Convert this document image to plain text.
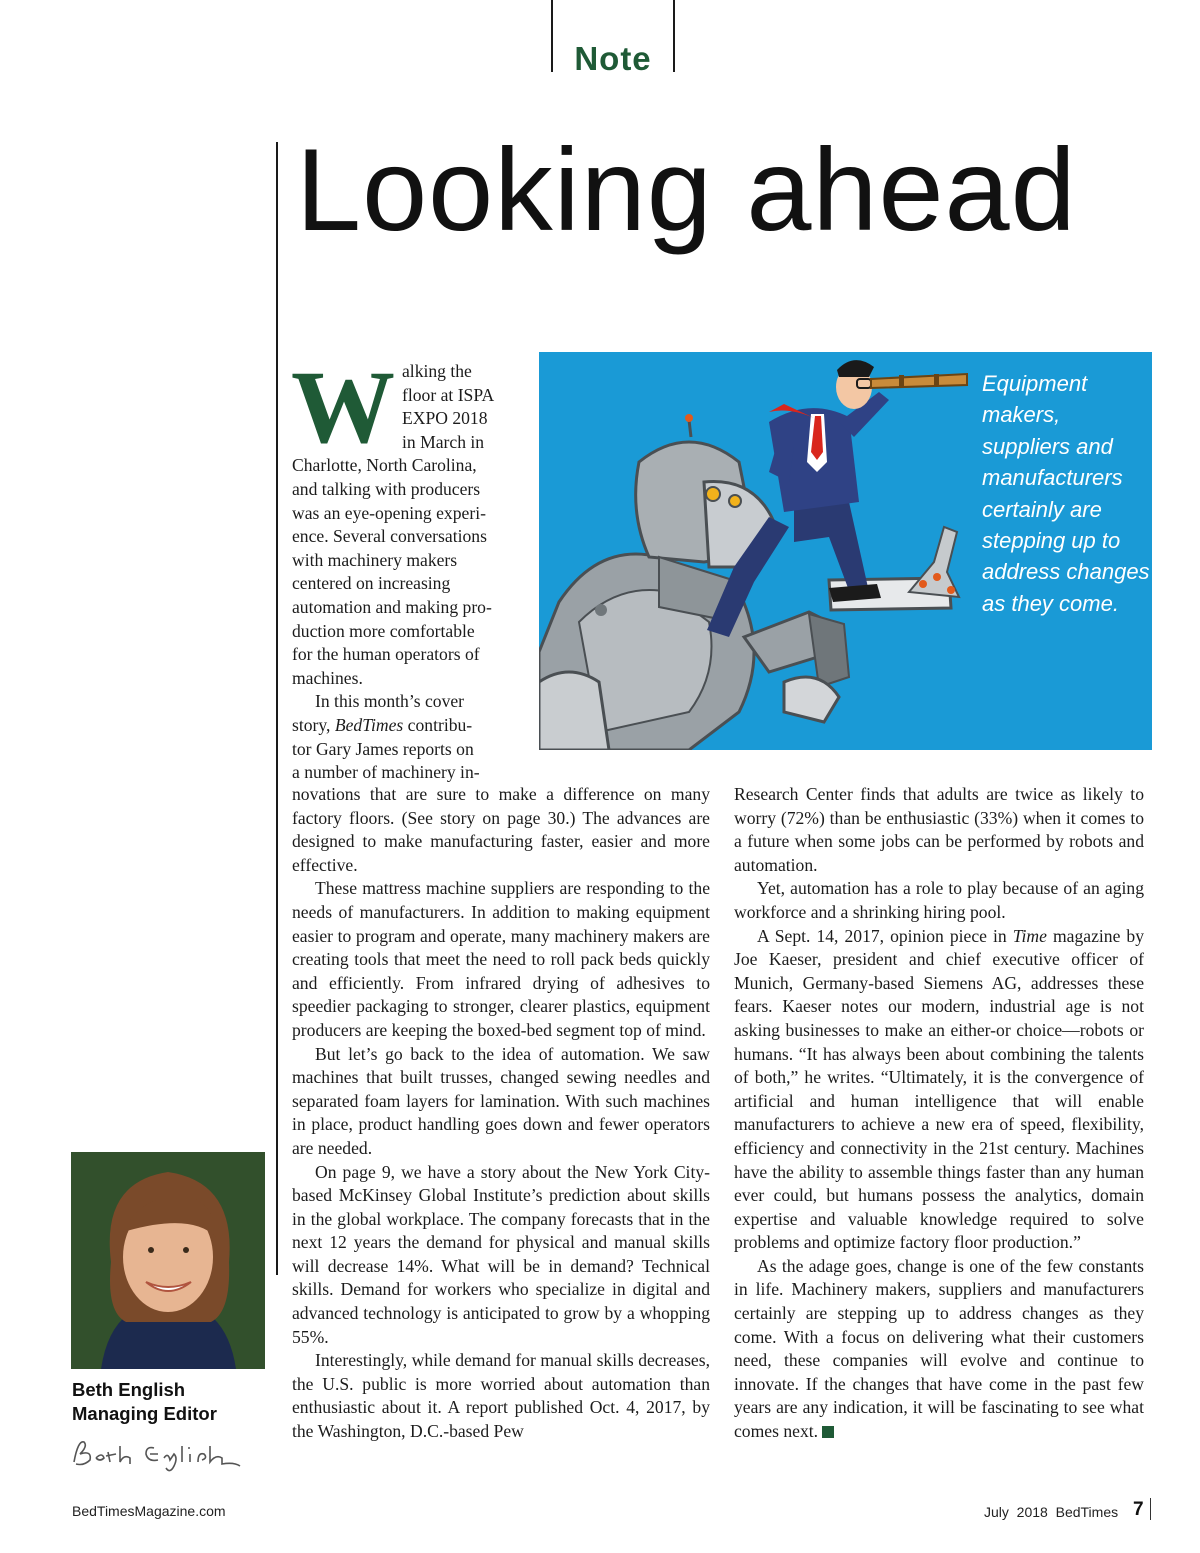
Note
Looking ahead
Equipment makers, suppliers and manufacturers certainly are stepping up to address changes as they come.
W alking the
floor at ISPA
EXPO 2018
in March in
Charlotte, North Carolina,
and talking with producers
was an eye-opening experi-
ence. Several conversations
with machinery makers
centered on increasing
automation and making pro-
duction more comfortable
for the human operators of
machines.
In this month’s cover
story, BedTimes contribu-
tor Gary James reports on
a number of machinery in-

novations that are sure to make a difference on many factory floors. (See story on page 30.) The advances are designed to make manufacturing faster, easier and more effective.

These mattress machine suppliers are responding to the needs of manufacturers. In addition to making equipment easier to program and operate, many machinery makers are creating tools that meet the need to roll pack beds quickly and efficiently. From infrared drying of adhesives to speedier packaging to stronger, clearer plastics, equipment producers are keeping the boxed-bed segment top of mind.

But let’s go back to the idea of automation. We saw machines that built trusses, changed sewing needles and separated foam layers for lamination. With such machines in place, product handling goes down and fewer operators are needed.

On page 9, we have a story about the New York City-based McKinsey Global Institute’s prediction about skills in the global workplace. The company forecasts that in the next 12 years the demand for physical and manual skills will decrease 14%. What will be in demand? Technical skills. Demand for workers who specialize in digital and advanced technology is anticipated to grow by a whopping 55%.

Interestingly, while demand for manual skills decreases, the U.S. public is more worried about automation than enthusiastic about it. A report published Oct. 4, 2017, by the Washington, D.C.-based Pew

Research Center finds that adults are twice as likely to worry (72%) than be enthusiastic (33%) when it comes to a future when some jobs can be performed by robots and automation.

Yet, automation has a role to play because of an aging workforce and a shrinking hiring pool.

A Sept. 14, 2017, opinion piece in Time magazine by Joe Kaeser, president and chief executive officer of Munich, Germany-based Siemens AG, addresses these fears. Kaeser notes our modern, industrial age is not asking businesses to make an either-or choice—robots or humans. “It has always been about combining the talents of both,” he writes. “Ultimately, it is the convergence of artificial and human intelligence that will enable manufacturers to achieve a new era of speed, flexibility, efficiency and connectivity in the 21st century. Machines have the ability to assemble things faster than any human ever could, but humans possess the analytics, domain expertise and valuable knowledge required to solve problems and optimize factory floor production.”

As the adage goes, change is one of the few constants in life. Machinery makers, suppliers and manufacturers certainly are stepping up to address changes as they come. With a focus on delivering what their customers need, these companies will evolve and continue to innovate. If the changes that have come in the past few years are any indication, it will be fascinating to see what comes next.

Beth English
Managing Editor
BedTimesMagazine.com	July  2018  BedTimes 7
